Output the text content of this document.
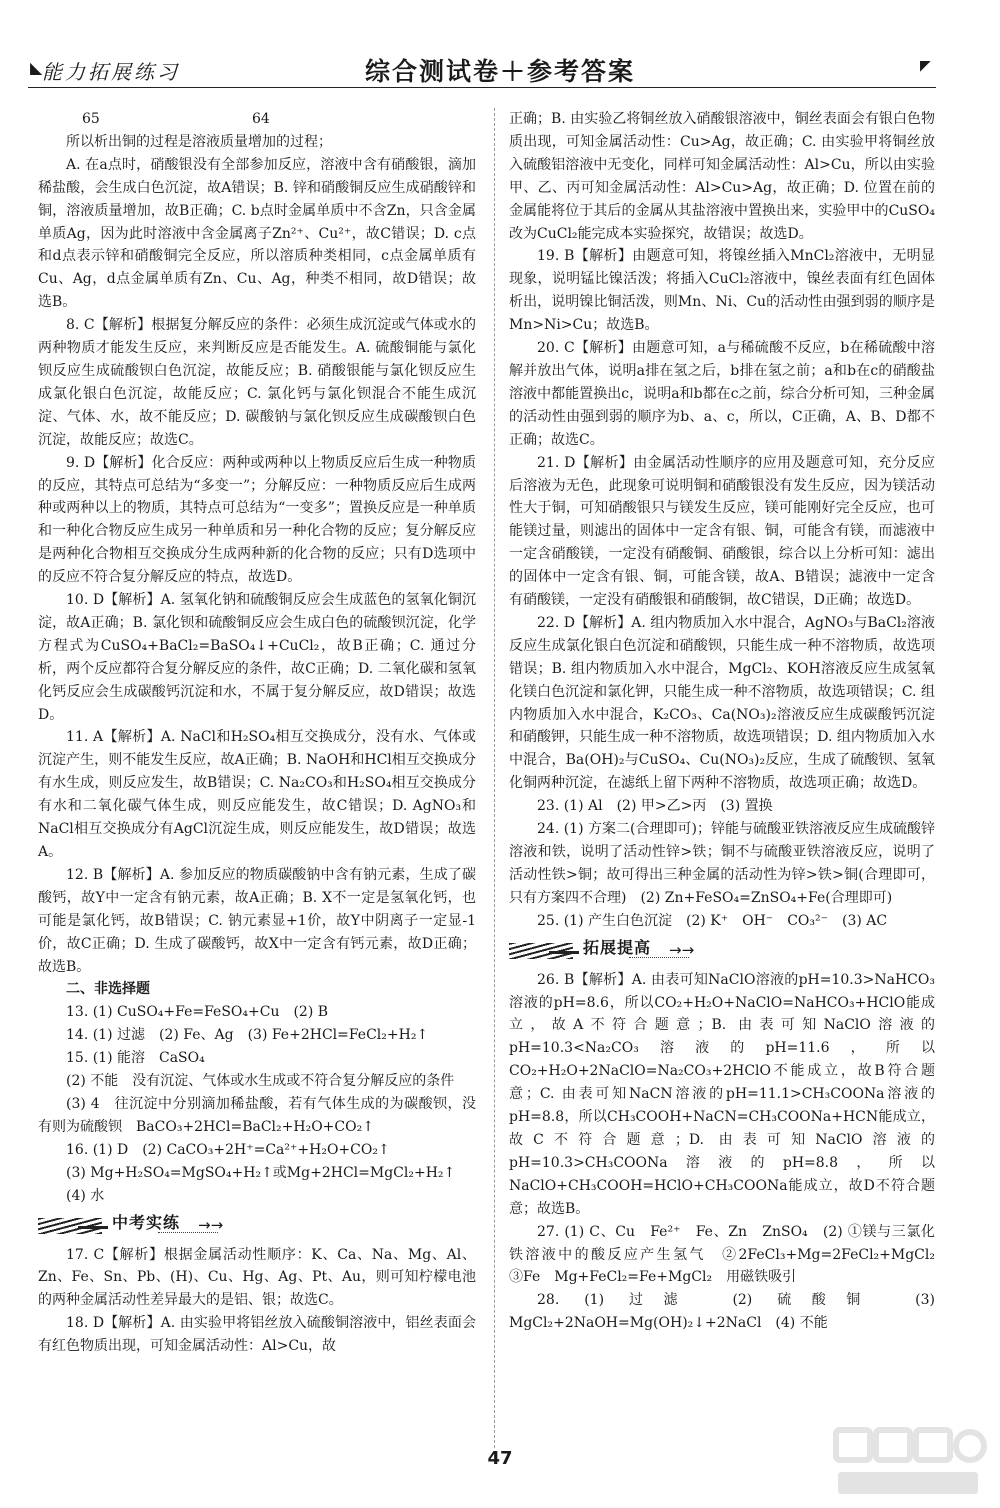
◣ 能力拓展练习	综合测试卷＋参考答案	◤

65	64

所以析出铜的过程是溶液质量增加的过程；

A. 在a点时，硝酸银没有全部参加反应，溶液中含有硝酸银，滴加稀盐酸，会生成白色沉淀，故A错误；B. 锌和硝酸铜反应生成硝酸锌和铜，溶液质量增加，故B正确；C. b点时金属单质中不含Zn，只含金属单质Ag，因为此时溶液中含金属离子Zn²⁺、Cu²⁺，故C错误；D. c点和d点表示锌和硝酸铜完全反应，所以溶质种类相同，c点金属单质有Cu、Ag，d点金属单质有Zn、Cu、Ag，种类不相同，故D错误；故选B。

8. C【解析】根据复分解反应的条件：必须生成沉淀或气体或水的两种物质才能发生反应，来判断反应是否能发生。A. 硫酸铜能与氯化钡反应生成硫酸钡白色沉淀，故能反应；B. 硝酸银能与氯化钡反应生成氯化银白色沉淀，故能反应；C. 氯化钙与氯化钡混合不能生成沉淀、气体、水，故不能反应；D. 碳酸钠与氯化钡反应生成碳酸钡白色沉淀，故能反应；故选C。

9. D【解析】化合反应：两种或两种以上物质反应后生成一种物质的反应，其特点可总结为“多变一”；分解反应：一种物质反应后生成两种或两种以上的物质，其特点可总结为“一变多”；置换反应是一种单质和一种化合物反应生成另一种单质和另一种化合物的反应；复分解反应是两种化合物相互交换成分生成两种新的化合物的反应；只有D选项中的反应不符合复分解反应的特点，故选D。

10. D【解析】A. 氢氧化钠和硫酸铜反应会生成蓝色的氢氧化铜沉淀，故A正确；B. 氯化钡和硫酸铜反应会生成白色的硫酸钡沉淀，化学方程式为CuSO₄+BaCl₂=BaSO₄↓+CuCl₂，故B正确；C. 通过分析，两个反应都符合复分解反应的条件，故C正确；D. 二氧化碳和氢氧化钙反应会生成碳酸钙沉淀和水，不属于复分解反应，故D错误；故选D。

11. A【解析】A. NaCl和H₂SO₄相互交换成分，没有水、气体或沉淀产生，则不能发生反应，故A正确；B. NaOH和HCl相互交换成分有水生成，则反应发生，故B错误；C. Na₂CO₃和H₂SO₄相互交换成分有水和二氧化碳气体生成，则反应能发生，故C错误；D. AgNO₃和NaCl相互交换成分有AgCl沉淀生成，则反应能发生，故D错误；故选A。

12. B【解析】A. 参加反应的物质碳酸钠中含有钠元素，生成了碳酸钙，故Y中一定含有钠元素，故A正确；B. X不一定是氢氧化钙，也可能是氯化钙，故B错误；C. 钠元素显+1价，故Y中阴离子一定显-1价，故C正确；D. 生成了碳酸钙，故X中一定含有钙元素，故D正确；故选B。

二、非选择题

13. (1) CuSO₄+Fe=FeSO₄+Cu　(2) B

14. (1) 过滤　(2) Fe、Ag　(3) Fe+2HCl=FeCl₂+H₂↑

15. (1) 能溶　CaSO₄

(2) 不能　没有沉淀、气体或水生成或不符合复分解反应的条件

(3) 4　往沉淀中分别滴加稀盐酸，若有气体生成的为碳酸钡，没有则为硫酸钡　BaCO₃+2HCl=BaCl₂+H₂O+CO₂↑

16. (1) D　(2) CaCO₃+2H⁺=Ca²⁺+H₂O+CO₂↑

(3) Mg+H₂SO₄=MgSO₄+H₂↑或Mg+2HCl=MgCl₂+H₂↑

(4) 水

中考实练 →→

17. C【解析】根据金属活动性顺序：K、Ca、Na、Mg、Al、Zn、Fe、Sn、Pb、(H)、Cu、Hg、Ag、Pt、Au，则可知柠檬电池的两种金属活动性差异最大的是铝、银；故选C。

18. D【解析】A. 由实验甲将铝丝放入硫酸铜溶液中，铝丝表面会有红色物质出现，可知金属活动性：Al>Cu，故

正确；B. 由实验乙将铜丝放入硝酸银溶液中，铜丝表面会有银白色物质出现，可知金属活动性：Cu>Ag，故正确；C. 由实验甲将铜丝放入硫酸铝溶液中无变化，同样可知金属活动性：Al>Cu，所以由实验甲、乙、丙可知金属活动性：Al>Cu>Ag，故正确；D. 位置在前的金属能将位于其后的金属从其盐溶液中置换出来，实验甲中的CuSO₄改为CuCl₂能完成本实验探究，故错误；故选D。

19. B【解析】由题意可知，将镍丝插入MnCl₂溶液中，无明显现象，说明锰比镍活泼；将插入CuCl₂溶液中，镍丝表面有红色固体析出，说明镍比铜活泼，则Mn、Ni、Cu的活动性由强到弱的顺序是Mn>Ni>Cu；故选B。

20. C【解析】由题意可知，a与稀硫酸不反应，b在稀硫酸中溶解并放出气体，说明a排在氢之后，b排在氢之前；a和b在c的硝酸盐溶液中都能置换出c，说明a和b都在c之前，综合分析可知，三种金属的活动性由强到弱的顺序为b、a、c，所以，C正确，A、B、D都不正确；故选C。

21. D【解析】由金属活动性顺序的应用及题意可知，充分反应后溶液为无色，此现象可说明铜和硝酸银没有发生反应，因为镁活动性大于铜，可知硝酸银只与镁发生反应，镁可能刚好完全反应，也可能镁过量，则滤出的固体中一定含有银、铜，可能含有镁，而滤液中一定含硝酸镁，一定没有硝酸铜、硝酸银，综合以上分析可知：滤出的固体中一定含有银、铜，可能含镁，故A、B错误；滤液中一定含有硝酸镁，一定没有硝酸银和硝酸铜，故C错误，D正确；故选D。

22. D【解析】A. 组内物质加入水中混合，AgNO₃与BaCl₂溶液反应生成氯化银白色沉淀和硝酸钡，只能生成一种不溶物质，故选项错误；B. 组内物质加入水中混合，MgCl₂、KOH溶液反应生成氢氧化镁白色沉淀和氯化钾，只能生成一种不溶物质，故选项错误；C. 组内物质加入水中混合，K₂CO₃、Ca(NO₃)₂溶液反应生成碳酸钙沉淀和硝酸钾，只能生成一种不溶物质，故选项错误；D. 组内物质加入水中混合，Ba(OH)₂与CuSO₄、Cu(NO₃)₂反应，生成了硫酸钡、氢氧化铜两种沉淀，在滤纸上留下两种不溶物质，故选项正确；故选D。

23. (1) Al　(2) 甲>乙>丙　(3) 置换

24. (1) 方案二(合理即可)；锌能与硫酸亚铁溶液反应生成硫酸锌溶液和铁，说明了活动性锌>铁；铜不与硫酸亚铁溶液反应，说明了活动性铁>铜；故可得出三种金属的活动性为锌>铁>铜(合理即可，只有方案四不合理)　(2) Zn+FeSO₄=ZnSO₄+Fe(合理即可)

25. (1) 产生白色沉淀　(2) K⁺　OH⁻　CO₃²⁻　(3) AC

拓展提高 →→

26. B【解析】A. 由表可知NaClO溶液的pH=10.3>NaHCO₃溶液的pH=8.6，所以CO₂+H₂O+NaClO=NaHCO₃+HClO能成立，故A不符合题意；B. 由表可知NaClO溶液的pH=10.3<Na₂CO₃溶液的pH=11.6，所以CO₂+H₂O+2NaClO=Na₂CO₃+2HClO不能成立，故B符合题意；C. 由表可知NaCN溶液的pH=11.1>CH₃COONa溶液的pH=8.8，所以CH₃COOH+NaCN=CH₃COONa+HCN能成立，故C不符合题意；D. 由表可知NaClO溶液的pH=10.3>CH₃COONa溶液的pH=8.8，所以NaClO+CH₃COOH=HClO+CH₃COONa能成立，故D不符合题意；故选B。

27. (1) C、Cu　Fe²⁺　Fe、Zn　ZnSO₄　(2) ①镁与三氯化铁溶液中的酸反应产生氢气　②2FeCl₃+Mg=2FeCl₂+MgCl₂　③Fe　Mg+FeCl₂=Fe+MgCl₂　用磁铁吸引

28. (1) 过滤　(2) 硫酸铜　(3) MgCl₂+2NaOH=Mg(OH)₂↓+2NaCl　(4) 不能

47
